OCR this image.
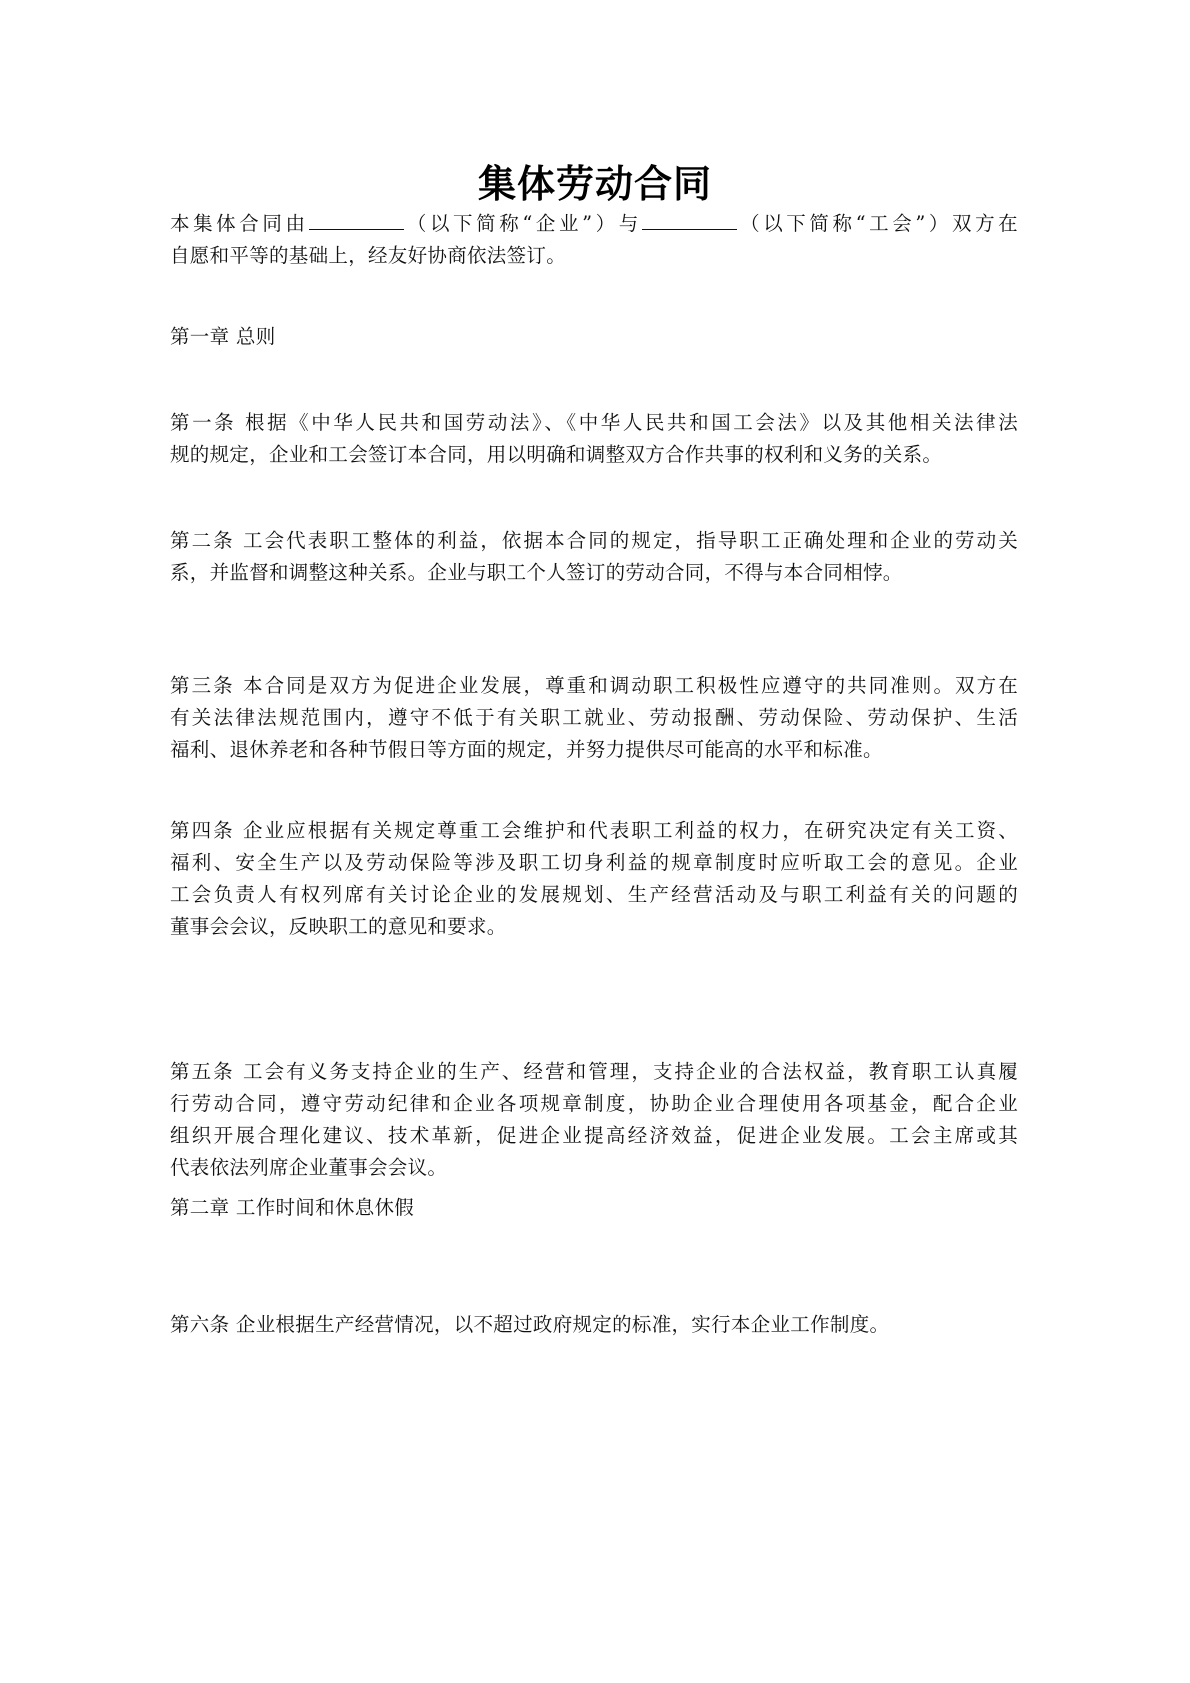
集体劳动合同
本集体合同由	（以下简称“企业”）与	（以下简称“工会”）双方在
自愿和平等的基础上，经友好协商依法签订。
第一章 总则
第一条 根据《中华人民共和国劳动法》、《中华人民共和国工会法》以及其他相关法律法
规的规定，企业和工会签订本合同，用以明确和调整双方合作共事的权利和义务的关系。
第二条 工会代表职工整体的利益，依据本合同的规定，指导职工正确处理和企业的劳动关
系，并监督和调整这种关系。企业与职工个人签订的劳动合同，不得与本合同相悖。
第三条 本合同是双方为促进企业发展，尊重和调动职工积极性应遵守的共同准则。双方在
有关法律法规范围内，遵守不低于有关职工就业、劳动报酬、劳动保险、劳动保护、生活
福利、退休养老和各种节假日等方面的规定，并努力提供尽可能高的水平和标准。
第四条 企业应根据有关规定尊重工会维护和代表职工利益的权力，在研究决定有关工资、
福利、安全生产以及劳动保险等涉及职工切身利益的规章制度时应听取工会的意见。企业
工会负责人有权列席有关讨论企业的发展规划、生产经营活动及与职工利益有关的问题的
董事会会议，反映职工的意见和要求。
第五条 工会有义务支持企业的生产、经营和管理，支持企业的合法权益，教育职工认真履
行劳动合同，遵守劳动纪律和企业各项规章制度，协助企业合理使用各项基金，配合企业
组织开展合理化建议、技术革新，促进企业提高经济效益，促进企业发展。工会主席或其
代表依法列席企业董事会会议。
第二章 工作时间和休息休假
第六条 企业根据生产经营情况，以不超过政府规定的标准，实行本企业工作制度。
